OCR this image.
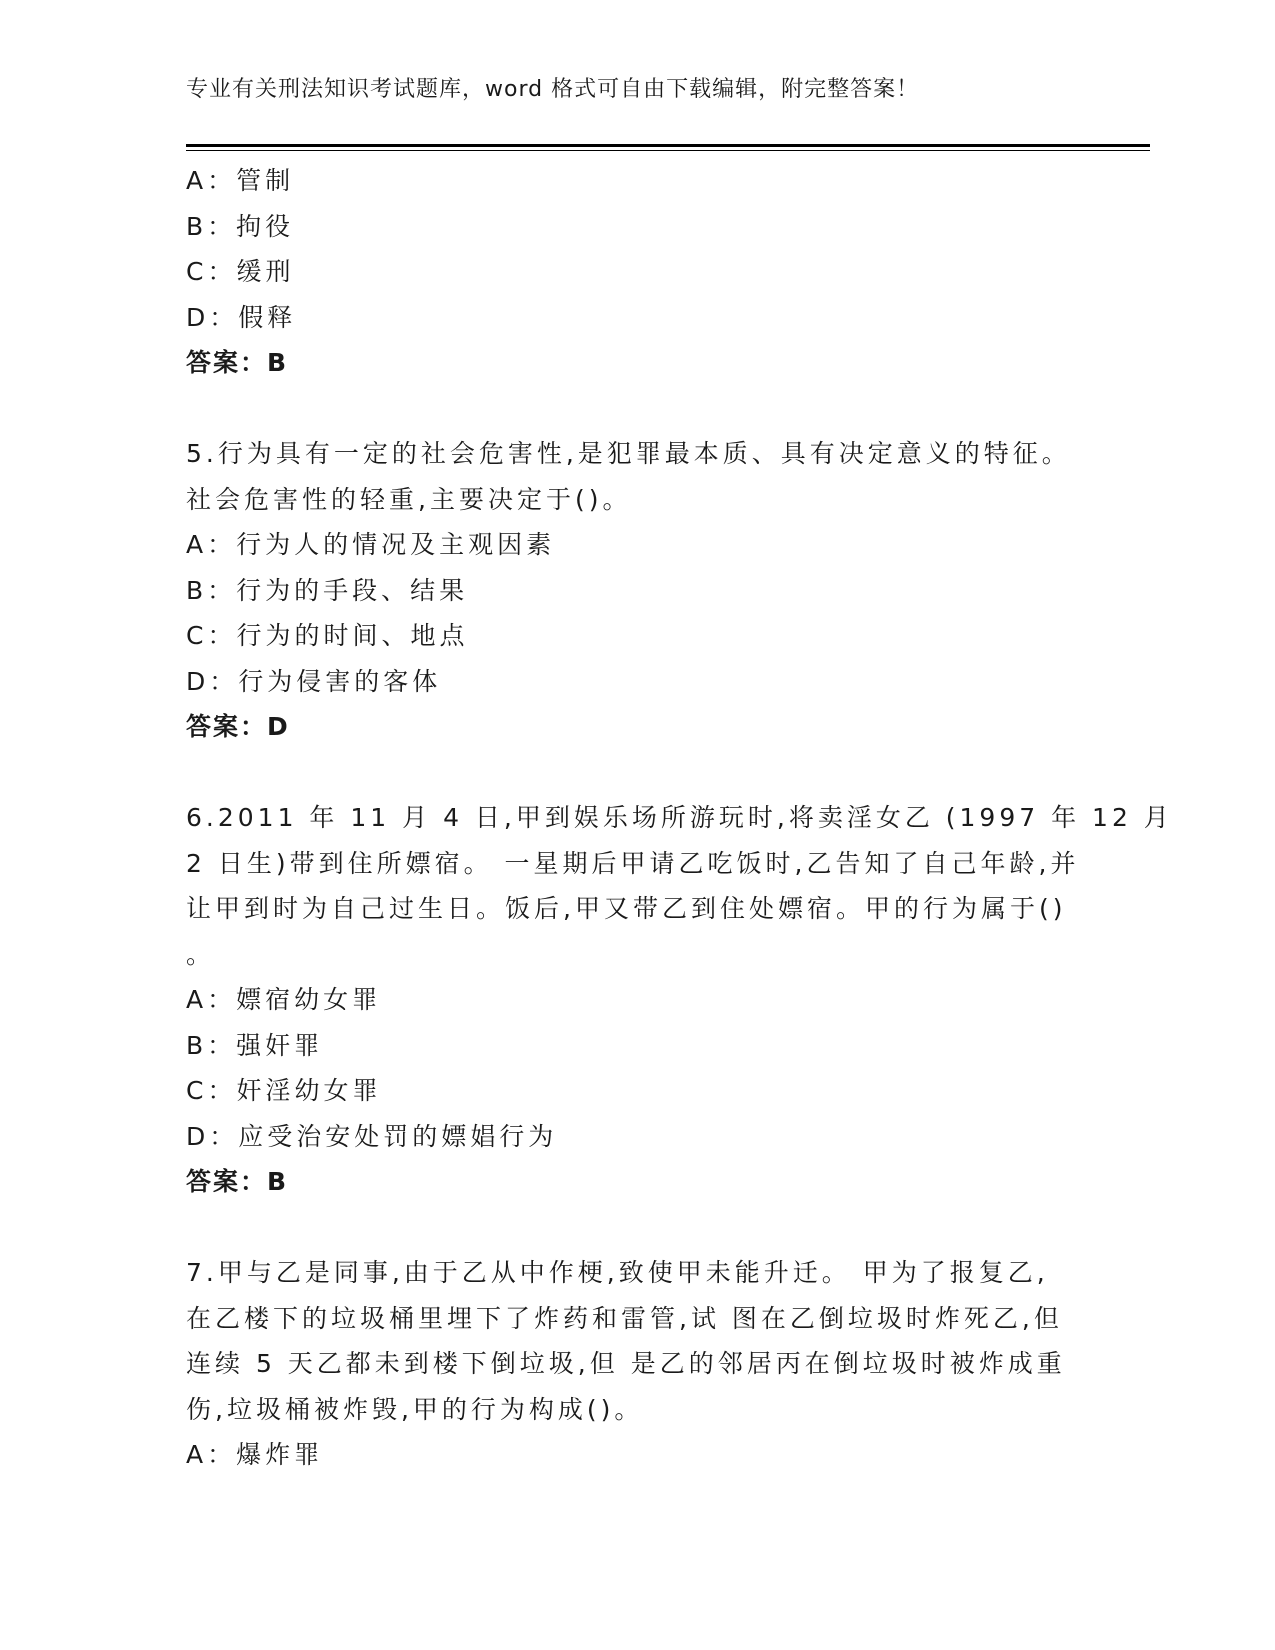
专业有关刑法知识考试题库，word 格式可自由下载编辑，附完整答案！
A：管制
B：拘役
C：缓刑
D：假释
答案：B
5.行为具有一定的社会危害性,是犯罪最本质、具有决定意义的特征。
社会危害性的轻重,主要决定于()。
A：行为人的情况及主观因素
B：行为的手段、结果
C：行为的时间、地点
D：行为侵害的客体
答案：D
6.2011 年 11 月 4 日,甲到娱乐场所游玩时,将卖淫女乙 (1997 年 12 月
2 日生)带到住所嫖宿。 一星期后甲请乙吃饭时,乙告知了自己年龄,并
让甲到时为自己过生日。饭后,甲又带乙到住处嫖宿。甲的行为属于()
。
A：嫖宿幼女罪
B：强奸罪
C：奸淫幼女罪
D：应受治安处罚的嫖娼行为
答案：B
7.甲与乙是同事,由于乙从中作梗,致使甲未能升迁。 甲为了报复乙,
在乙楼下的垃圾桶里埋下了炸药和雷管,试 图在乙倒垃圾时炸死乙,但
连续 5 天乙都未到楼下倒垃圾,但 是乙的邻居丙在倒垃圾时被炸成重
伤,垃圾桶被炸毁,甲的行为构成()。
A：爆炸罪
